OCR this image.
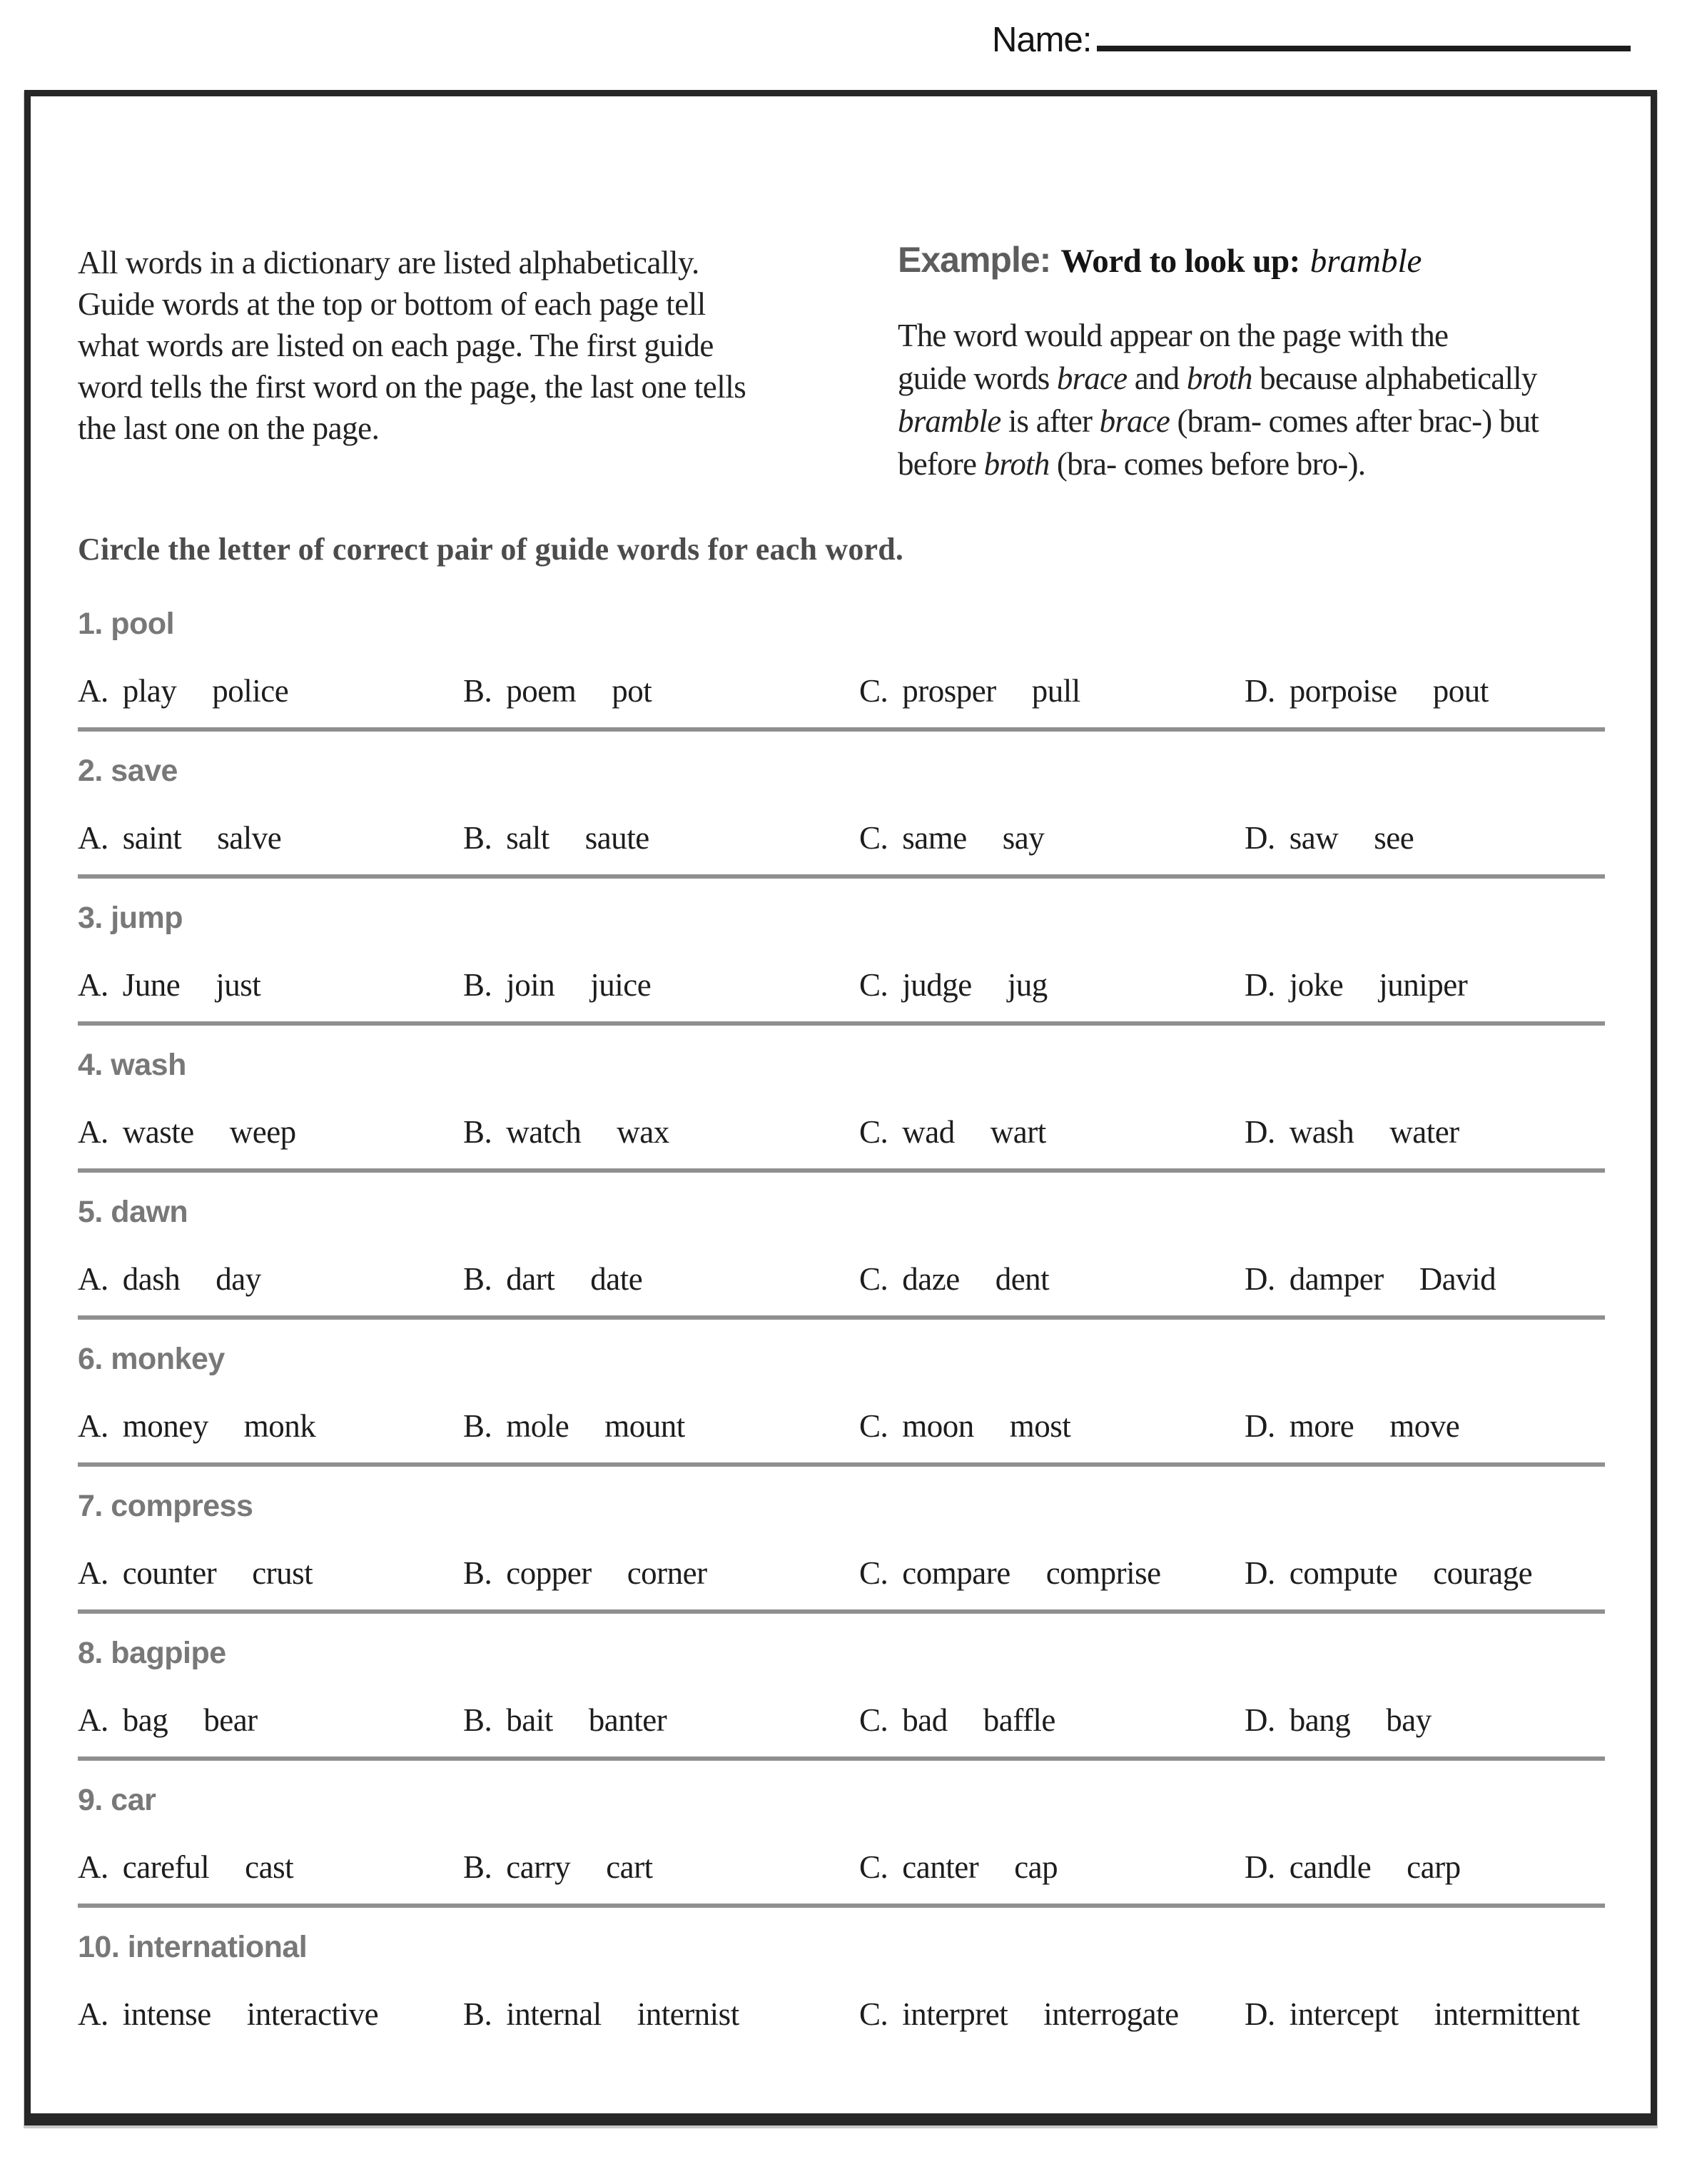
Name:
All words in a dictionary are listed alphabetically.
Guide words at the top or bottom of each page tell
what words are listed on each page. The first guide
word tells the first word on the page, the last one tells
the last one on the page.
Example: Word to look up: bramble
The word would appear on the page with the
guide words brace and broth because alphabetically
bramble is after brace (bram- comes after brac-) but
before broth (bra- comes before bro-).
Circle the letter of correct pair of guide words for each word.
1. pool
A. play police	B. poem pot	C. prosper pull	D. porpoise pout
2. save
A. saint salve	B. salt saute	C. same say	D. saw see
3. jump
A. June just	B. join juice	C. judge jug	D. joke juniper
4. wash
A. waste weep	B. watch wax	C. wad wart	D. wash water
5. dawn
A. dash day	B. dart date	C. daze dent	D. damper David
6. monkey
A. money monk	B. mole mount	C. moon most	D. more move
7. compress
A. counter crust	B. copper corner	C. compare comprise	D. compute courage
8. bagpipe
A. bag bear	B. bait banter	C. bad baffle	D. bang bay
9. car
A. careful cast	B. carry cart	C. canter cap	D. candle carp
10. international
A. intense interactive	B. internal internist	C. interpret interrogate	D. intercept intermittent
